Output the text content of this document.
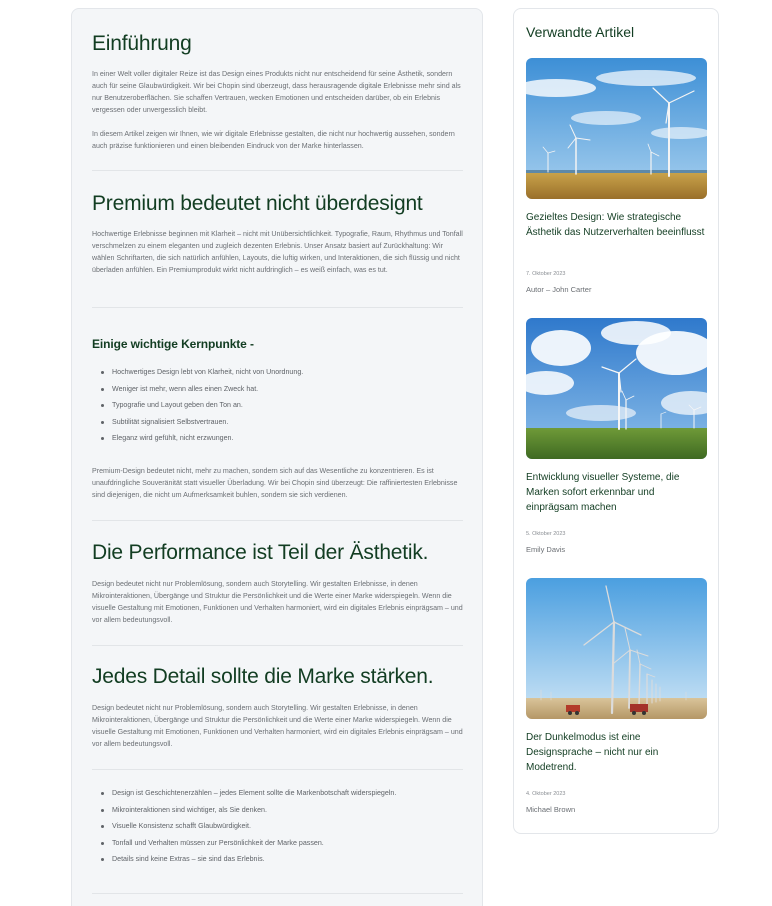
Einführung

In einer Welt voller digitaler Reize ist das Design eines Produkts nicht nur entscheidend für seine Ästhetik, sondern auch für seine Glaubwürdigkeit. Wir bei Chopin sind überzeugt, dass herausragende digitale Erlebnisse mehr sind als nur Benutzeroberflächen. Sie schaffen Vertrauen, wecken Emotionen und entscheiden darüber, ob ein Erlebnis vergessen oder unvergesslich bleibt.

In diesem Artikel zeigen wir Ihnen, wie wir digitale Erlebnisse gestalten, die nicht nur hochwertig aussehen, sondern auch präzise funktionieren und einen bleibenden Eindruck von der Marke hinterlassen.

Premium bedeutet nicht überdesignt

Hochwertige Erlebnisse beginnen mit Klarheit – nicht mit Unübersichtlichkeit. Typografie, Raum, Rhythmus und Tonfall verschmelzen zu einem eleganten und zugleich dezenten Erlebnis. Unser Ansatz basiert auf Zurückhaltung: Wir wählen Schriftarten, die sich natürlich anfühlen, Layouts, die luftig wirken, und Interaktionen, die sich flüssig und nicht überladen anfühlen. Ein Premiumprodukt wirkt nicht aufdringlich – es weiß einfach, was es tut.

Einige wichtige Kernpunkte -
Hochwertiges Design lebt von Klarheit, nicht von Unordnung.
Weniger ist mehr, wenn alles einen Zweck hat.
Typografie und Layout geben den Ton an.
Subtilität signalisiert Selbstvertrauen.
Eleganz wird gefühlt, nicht erzwungen.

Premium-Design bedeutet nicht, mehr zu machen, sondern sich auf das Wesentliche zu konzentrieren. Es ist unaufdringliche Souveränität statt visueller Überladung. Wir bei Chopin sind überzeugt: Die raffiniertesten Erlebnisse sind diejenigen, die nicht um Aufmerksamkeit buhlen, sondern sie sich verdienen.

Die Performance ist Teil der Ästhetik.

Design bedeutet nicht nur Problemlösung, sondern auch Storytelling. Wir gestalten Erlebnisse, in denen Mikrointeraktionen, Übergänge und Struktur die Persönlichkeit und die Werte einer Marke widerspiegeln. Wenn die visuelle Gestaltung mit Emotionen, Funktionen und Verhalten harmoniert, wird ein digitales Erlebnis einprägsam – und vor allem bedeutungsvoll.

Jedes Detail sollte die Marke stärken.

Design bedeutet nicht nur Problemlösung, sondern auch Storytelling. Wir gestalten Erlebnisse, in denen Mikrointeraktionen, Übergänge und Struktur die Persönlichkeit und die Werte einer Marke widerspiegeln. Wenn die visuelle Gestaltung mit Emotionen, Funktionen und Verhalten harmoniert, wird ein digitales Erlebnis einprägsam – und vor allem bedeutungsvoll.

Design ist Geschichtenerzählen – jedes Element sollte die Markenbotschaft widerspiegeln.
Mikrointeraktionen sind wichtiger, als Sie denken.
Visuelle Konsistenz schafft Glaubwürdigkeit.
Tonfall und Verhalten müssen zur Persönlichkeit der Marke passen.
Details sind keine Extras – sie sind das Erlebnis.
Verwandte Artikel
Gezieltes Design: Wie strategische Ästhetik das Nutzerverhalten beeinflusst
7. Oktober 2023
Autor – John Carter
Entwicklung visueller Systeme, die Marken sofort erkennbar und einprägsam machen
5. Oktober 2023
Emily Davis
Der Dunkelmodus ist eine Designsprache – nicht nur ein Modetrend.
4. Oktober 2023
Michael Brown
